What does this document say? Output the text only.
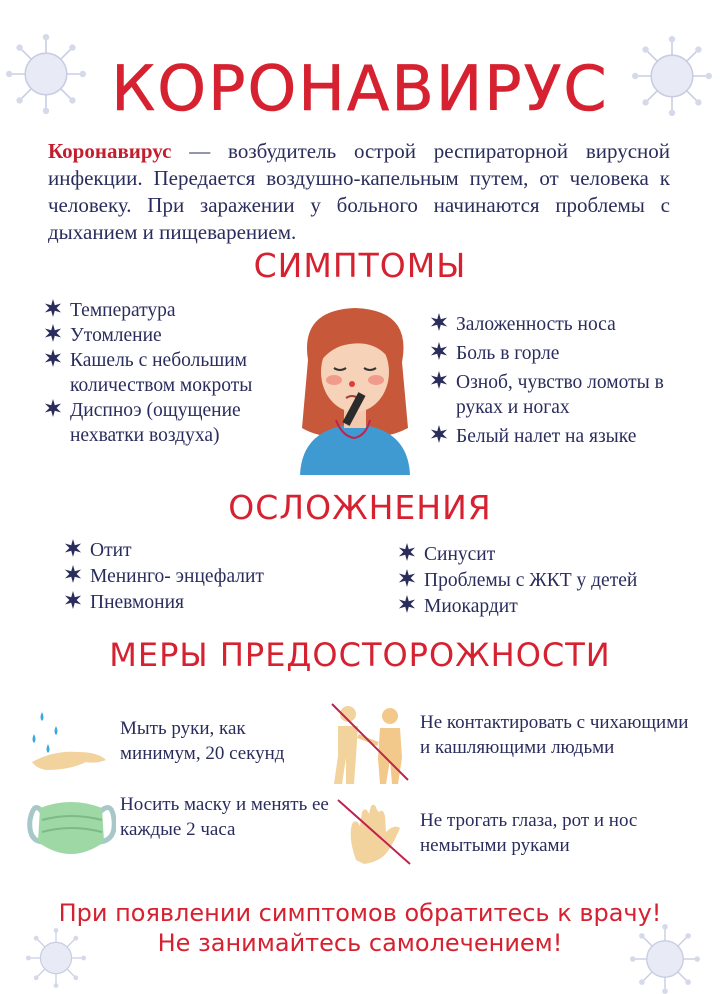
КОРОНАВИРУС

Коронавирус — возбудитель острой респираторной вирусной инфекции. Передается воздушно-капельным путем, от человека к человеку. При заражении у больного начинаются проблемы с дыханием и пищеварением.

СИМПТОМЫ
Температура
Утомление
Кашель с небольшим количеством мокроты
Диспноэ (ощущение нехватки воздуха)
Заложенность носа
Боль в горле
Озноб, чувство ломоты в руках и ногах
Белый налет на языке
ОСЛОЖНЕНИЯ
Отит
Менинго- энцефалит
Пневмония
Синусит
Проблемы с ЖКТ у детей
Миокардит
МЕРЫ ПРЕДОСТОРОЖНОСТИ
Мыть руки, как минимум, 20 секунд
Не контактировать с чихающими и кашляющими людьми
Носить маску и менять ее каждые 2 часа	Не трогать глаза, рот и нос немытыми руками
При появлении симптомов обратитесь к врачу!
Не занимайтесь самолечением!
